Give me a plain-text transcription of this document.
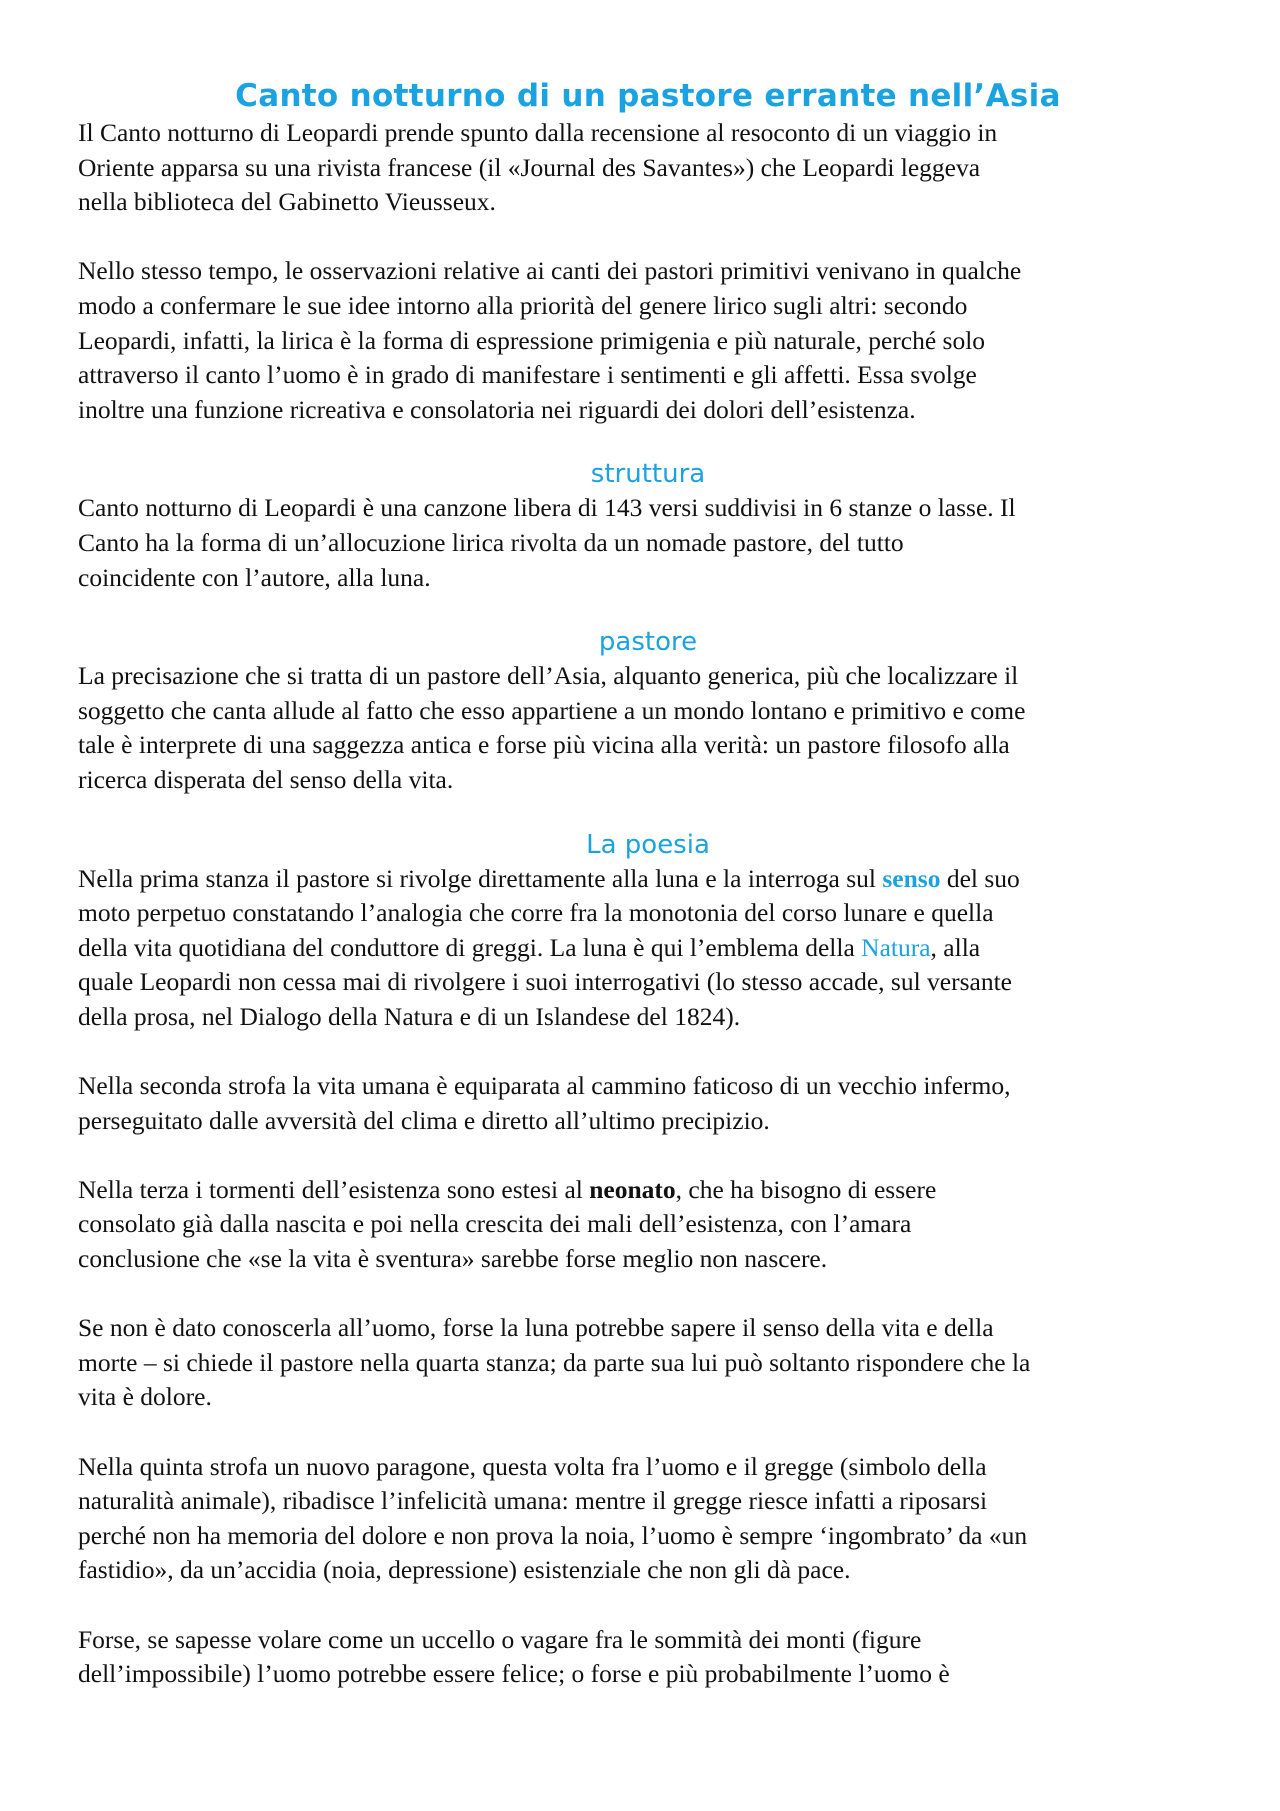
Canto notturno di un pastore errante nell’Asia

Il Canto notturno di Leopardi prende spunto dalla recensione al resoconto di un viaggio in
Oriente apparsa su una rivista francese (il «Journal des Savantes») che Leopardi leggeva
nella biblioteca del Gabinetto Vieusseux.

Nello stesso tempo, le osservazioni relative ai canti dei pastori primitivi venivano in qualche
modo a confermare le sue idee intorno alla priorità del genere lirico sugli altri: secondo
Leopardi, infatti, la lirica è la forma di espressione primigenia e più naturale, perché solo
attraverso il canto l’uomo è in grado di manifestare i sentimenti e gli affetti. Essa svolge
inoltre una funzione ricreativa e consolatoria nei riguardi dei dolori dell’esistenza.

struttura

Canto notturno di Leopardi è una canzone libera di 143 versi suddivisi in 6 stanze o lasse. Il
Canto ha la forma di un’allocuzione lirica rivolta da un nomade pastore, del tutto
coincidente con l’autore, alla luna.

pastore

La precisazione che si tratta di un pastore dell’Asia, alquanto generica, più che localizzare il
soggetto che canta allude al fatto che esso appartiene a un mondo lontano e primitivo e come
tale è interprete di una saggezza antica e forse più vicina alla verità: un pastore filosofo alla
ricerca disperata del senso della vita.

La poesia

Nella prima stanza il pastore si rivolge direttamente alla luna e la interroga sul senso del suo
moto perpetuo constatando l’analogia che corre fra la monotonia del corso lunare e quella
della vita quotidiana del conduttore di greggi. La luna è qui l’emblema della Natura, alla
quale Leopardi non cessa mai di rivolgere i suoi interrogativi (lo stesso accade, sul versante
della prosa, nel Dialogo della Natura e di un Islandese del 1824).

Nella seconda strofa la vita umana è equiparata al cammino faticoso di un vecchio infermo,
perseguitato dalle avversità del clima e diretto all’ultimo precipizio.

Nella terza i tormenti dell’esistenza sono estesi al neonato, che ha bisogno di essere
consolato già dalla nascita e poi nella crescita dei mali dell’esistenza, con l’amara
conclusione che «se la vita è sventura» sarebbe forse meglio non nascere.

Se non è dato conoscerla all’uomo, forse la luna potrebbe sapere il senso della vita e della
morte – si chiede il pastore nella quarta stanza; da parte sua lui può soltanto rispondere che la
vita è dolore.

Nella quinta strofa un nuovo paragone, questa volta fra l’uomo e il gregge (simbolo della
naturalità animale), ribadisce l’infelicità umana: mentre il gregge riesce infatti a riposarsi
perché non ha memoria del dolore e non prova la noia, l’uomo è sempre ‘ingombrato’ da «un
fastidio», da un’accidia (noia, depressione) esistenziale che non gli dà pace.

Forse, se sapesse volare come un uccello o vagare fra le sommità dei monti (figure
dell’impossibile) l’uomo potrebbe essere felice; o forse e più probabilmente l’uomo è
